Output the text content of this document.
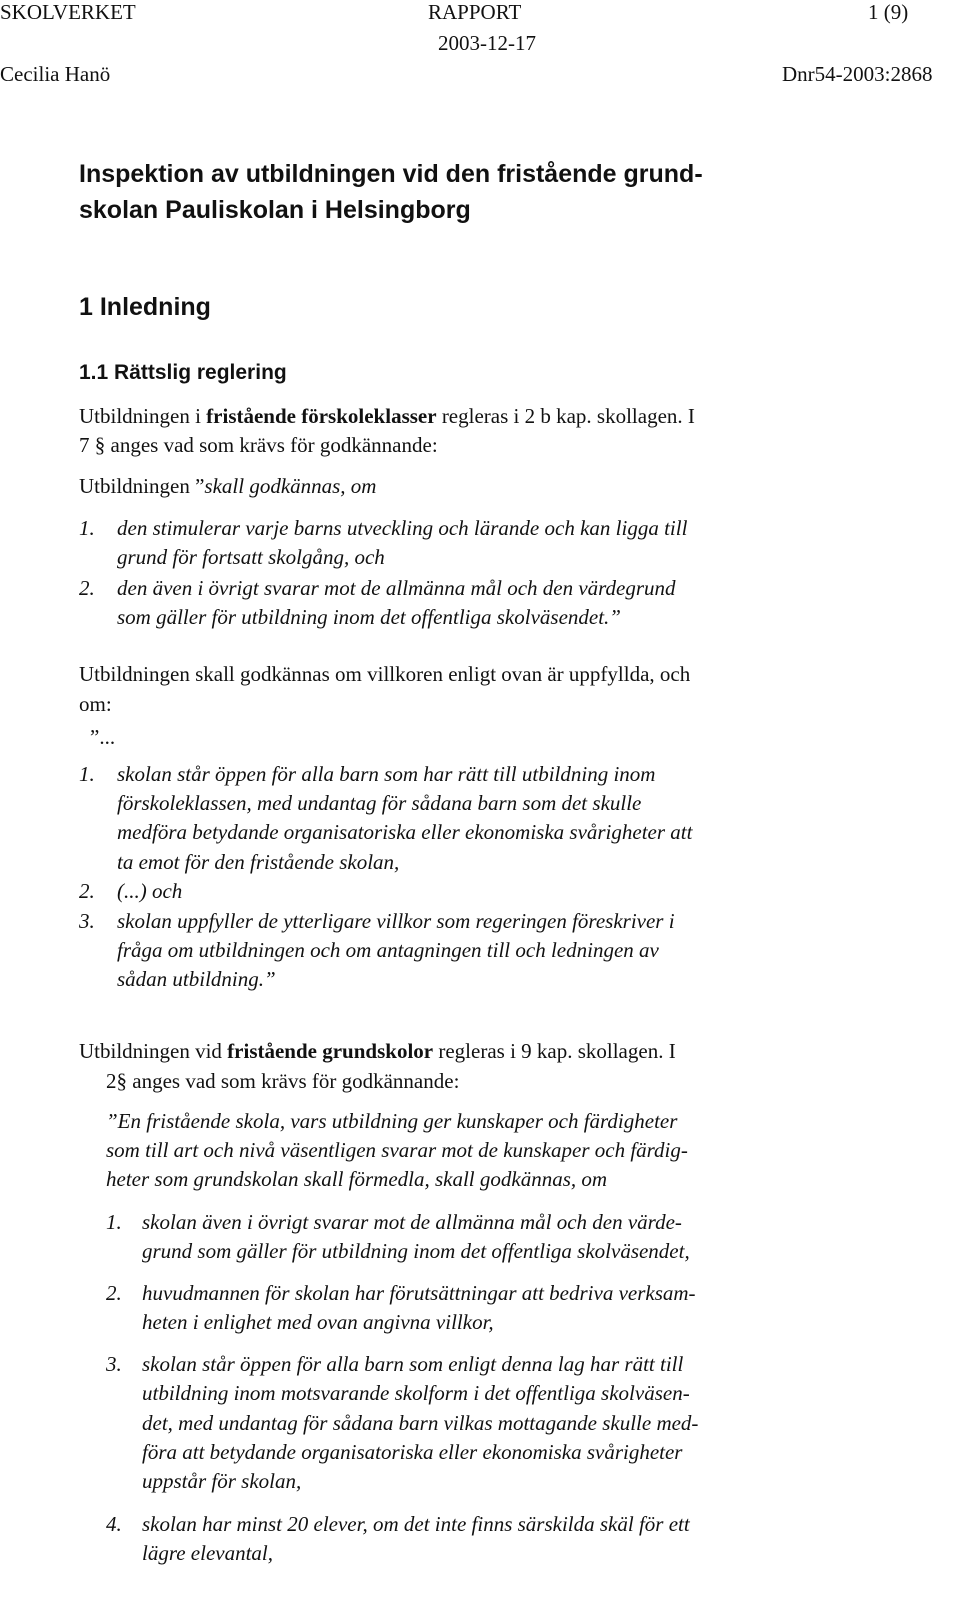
SKOLVERKET	RAPPORT	1 (9)
2003-12-17
Cecilia Hanö	Dnr54-2003:2868
Inspektion av utbildningen vid den fristående grund-
skolan Pauliskolan i Helsingborg
1 Inledning
1.1 Rättslig reglering
Utbildningen i fristående förskoleklasser regleras i 2 b kap. skollagen. I
7 § anges vad som krävs för godkännande:
Utbildningen ”skall godkännas, om
1. den stimulerar varje barns utveckling och lärande och kan ligga till
grund för fortsatt skolgång, och
2. den även i övrigt svarar mot de allmänna mål och den värdegrund
som gäller för utbildning inom det offentliga skolväsendet.”
Utbildningen skall godkännas om villkoren enligt ovan är uppfyllda, och
om:
”...
1. skolan står öppen för alla barn som har rätt till utbildning inom
förskoleklassen, med undantag för sådana barn som det skulle
medföra betydande organisatoriska eller ekonomiska svårigheter att
ta emot för den fristående skolan,
2. (...) och
3. skolan uppfyller de ytterligare villkor som regeringen föreskriver i
fråga om utbildningen och om antagningen till och ledningen av
sådan utbildning.”
Utbildningen vid fristående grundskolor regleras i 9 kap. skollagen. I
2§ anges vad som krävs för godkännande:
”En fristående skola, vars utbildning ger kunskaper och färdigheter
som till art och nivå väsentligen svarar mot de kunskaper och färdig-
heter som grundskolan skall förmedla, skall godkännas, om
1. skolan även i övrigt svarar mot de allmänna mål och den värde-
grund som gäller för utbildning inom det offentliga skolväsendet,
2. huvudmannen för skolan har förutsättningar att bedriva verksam-
heten i enlighet med ovan angivna villkor,
3. skolan står öppen för alla barn som enligt denna lag har rätt till
utbildning inom motsvarande skolform i det offentliga skolväsen-
det, med undantag för sådana barn vilkas mottagande skulle med-
föra att betydande organisatoriska eller ekonomiska svårigheter
uppstår för skolan,
4. skolan har minst 20 elever, om det inte finns särskilda skäl för ett
lägre elevantal,
